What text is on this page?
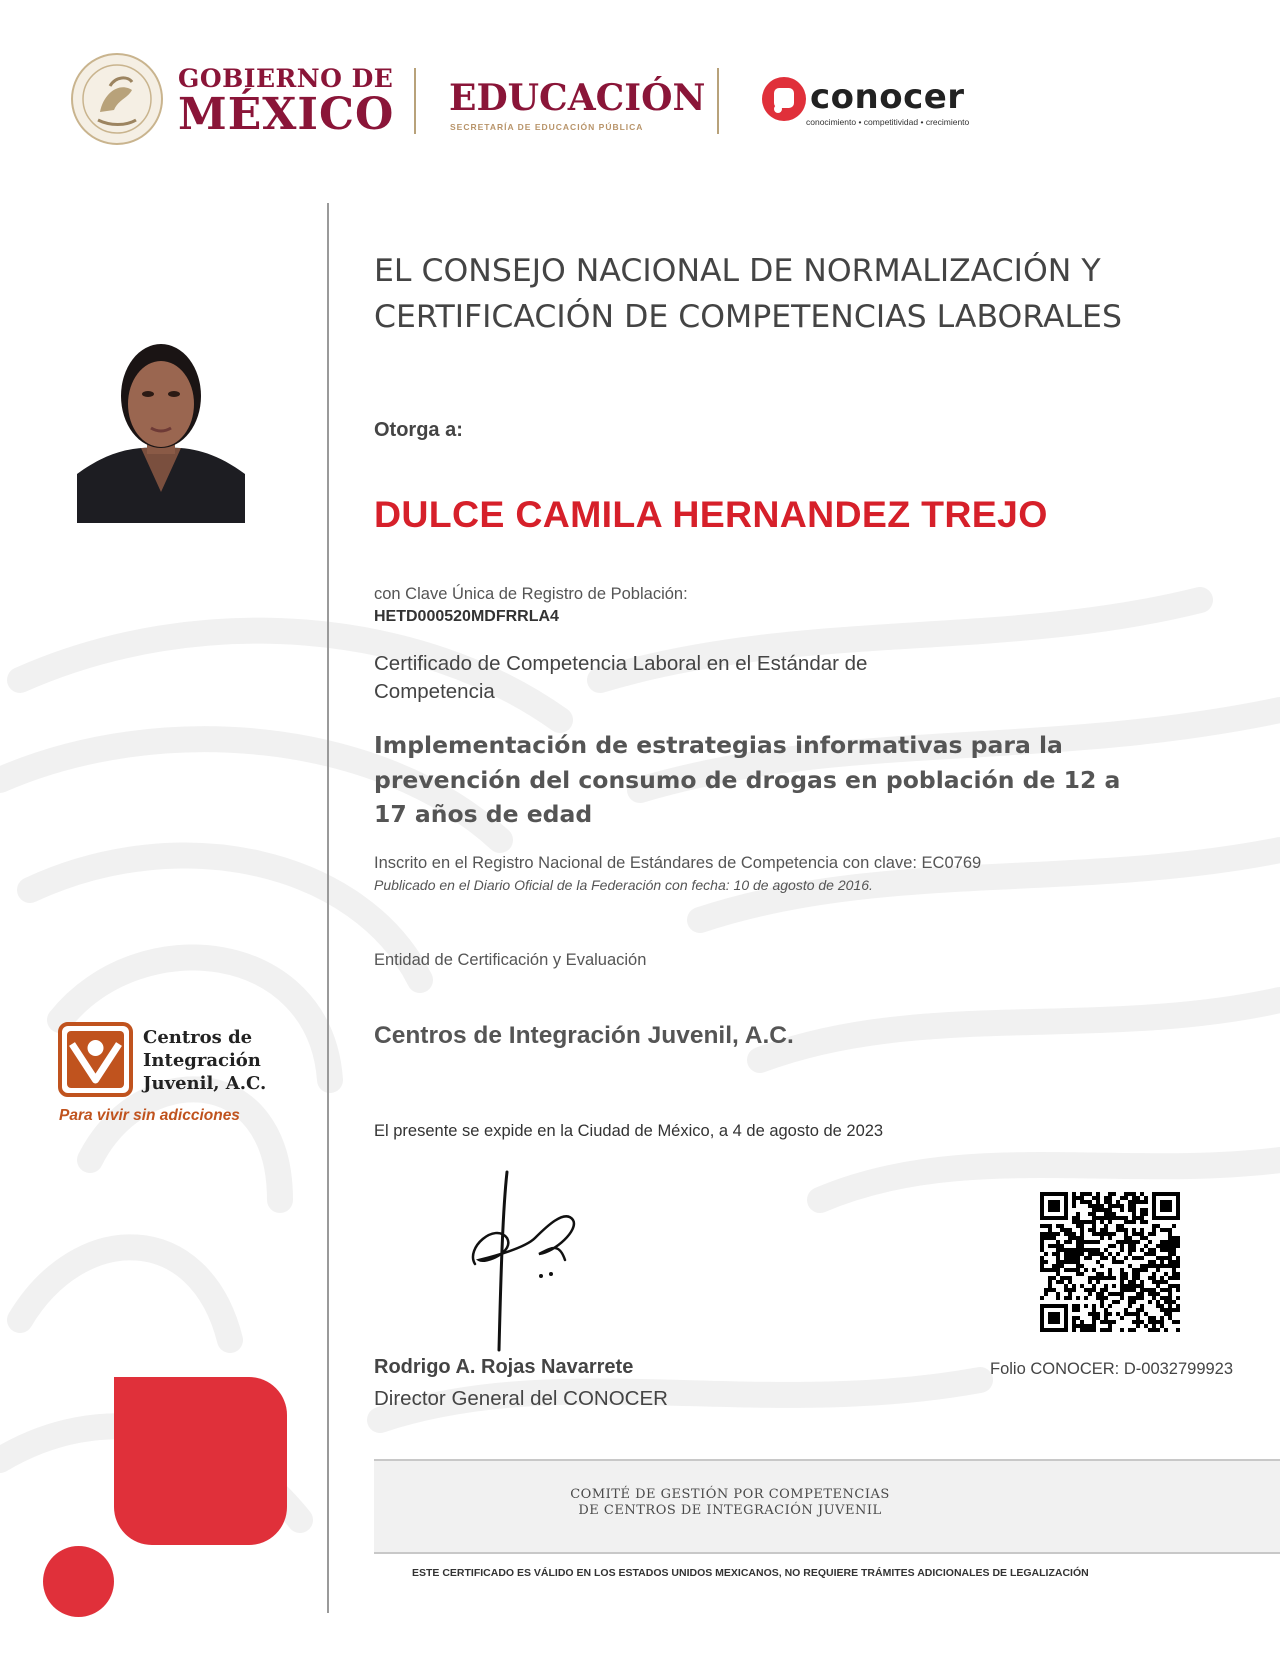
GOBIERNO DE
MÉXICO EDUCACIÓN
SECRETARÍA DE EDUCACIÓN PÚBLICA
conocer
conocimiento • competitividad • crecimiento
Centros de
Integración
Juvenil, A.C.
Para vivir sin adicciones
EL CONSEJO NACIONAL DE NORMALIZACIÓN Y CERTIFICACIÓN DE COMPETENCIAS LABORALES
Otorga a:
DULCE CAMILA HERNANDEZ TREJO
con Clave Única de Registro de Población:
HETD000520MDFRRLA4
Certificado de Competencia Laboral en el Estándar de Competencia
Implementación de estrategias informativas para la prevención del consumo de drogas en población de 12 a 17 años de edad
Inscrito en el Registro Nacional de Estándares de Competencia con clave: EC0769
Publicado en el Diario Oficial de la Federación con fecha: 10 de agosto de 2016.
Entidad de Certificación y Evaluación
Centros de Integración Juvenil, A.C.
El presente se expide en la Ciudad de México, a 4 de agosto de 2023
Rodrigo A. Rojas Navarrete
Director General del CONOCER
Folio CONOCER: D-0032799923
COMITÉ DE GESTIÓN POR COMPETENCIAS
DE CENTROS DE INTEGRACIÓN JUVENIL
ESTE CERTIFICADO ES VÁLIDO EN LOS ESTADOS UNIDOS MEXICANOS, NO REQUIERE TRÁMITES ADICIONALES DE LEGALIZACIÓN
